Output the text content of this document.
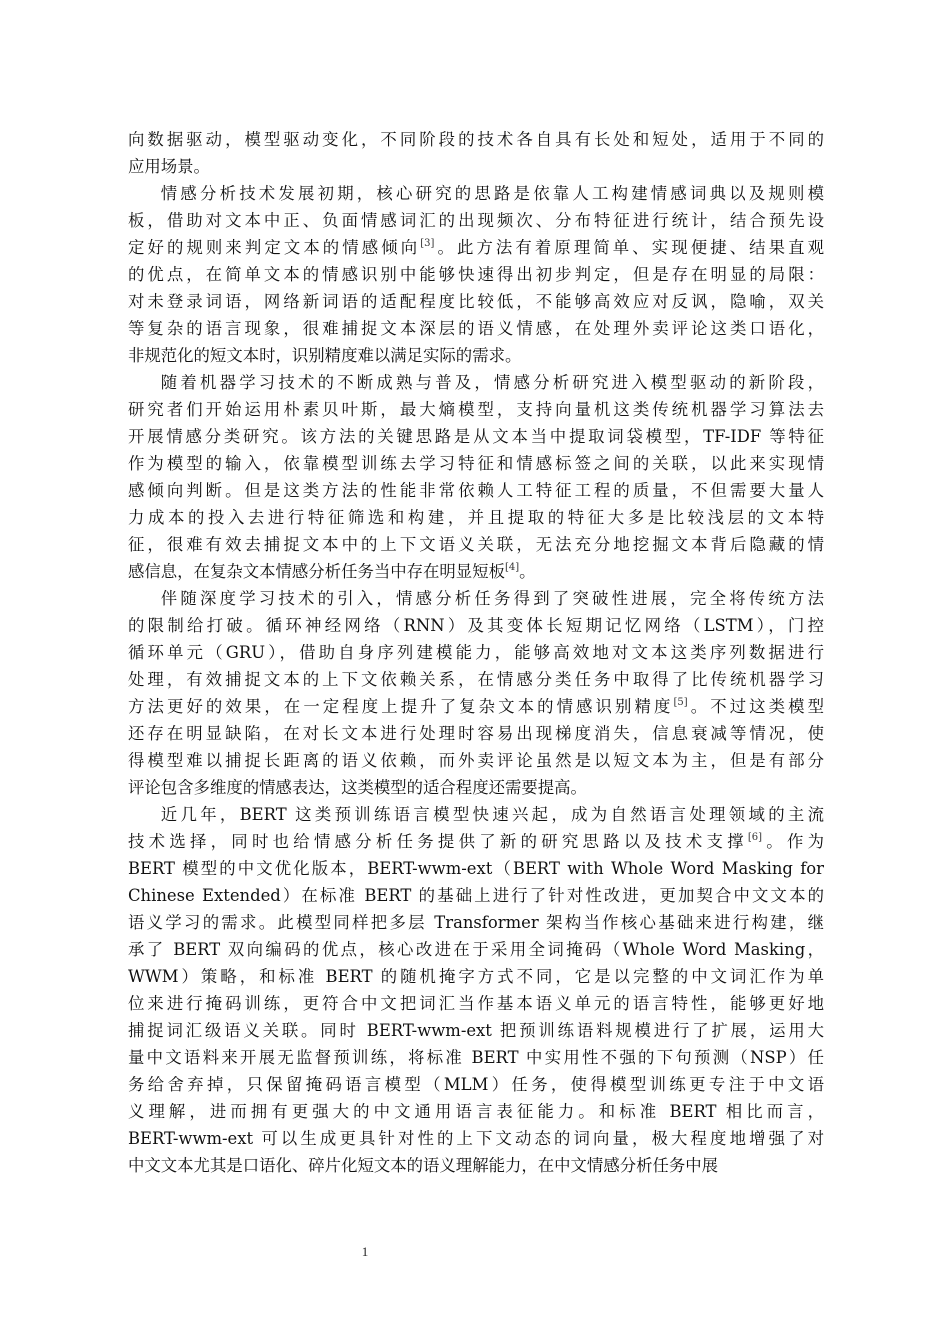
向数据驱动，模型驱动变化，不同阶段的技术各自具有长处和短处，适用于不同的
应用场景。

情感分析技术发展初期，核心研究的思路是依靠人工构建情感词典以及规则模
板，借助对文本中正、负面情感词汇的出现频次、分布特征进行统计，结合预先设
定好的规则来判定文本的情感倾向[3]。此方法有着原理简单、实现便捷、结果直观
的优点，在简单文本的情感识别中能够快速得出初步判定，但是存在明显的局限：
对未登录词语，网络新词语的适配程度比较低，不能够高效应对反讽，隐喻，双关
等复杂的语言现象，很难捕捉文本深层的语义情感，在处理外卖评论这类口语化，
非规范化的短文本时，识别精度难以满足实际的需求。

随着机器学习技术的不断成熟与普及，情感分析研究进入模型驱动的新阶段，
研究者们开始运用朴素贝叶斯，最大熵模型，支持向量机这类传统机器学习算法去
开展情感分类研究。该方法的关键思路是从文本当中提取词袋模型，TF-IDF 等特征
作为模型的输入，依靠模型训练去学习特征和情感标签之间的关联，以此来实现情
感倾向判断。但是这类方法的性能非常依赖人工特征工程的质量，不但需要大量人
力成本的投入去进行特征筛选和构建，并且提取的特征大多是比较浅层的文本特
征，很难有效去捕捉文本中的上下文语义关联，无法充分地挖掘文本背后隐藏的情
感信息，在复杂文本情感分析任务当中存在明显短板[4]。

伴随深度学习技术的引入，情感分析任务得到了突破性进展，完全将传统方法
的限制给打破。循环神经网络（RNN）及其变体长短期记忆网络（LSTM），门控
循环单元（GRU），借助自身序列建模能力，能够高效地对文本这类序列数据进行
处理，有效捕捉文本的上下文依赖关系，在情感分类任务中取得了比传统机器学习
方法更好的效果，在一定程度上提升了复杂文本的情感识别精度[5]。不过这类模型
还存在明显缺陷，在对长文本进行处理时容易出现梯度消失，信息衰减等情况，使
得模型难以捕捉长距离的语义依赖，而外卖评论虽然是以短文本为主，但是有部分
评论包含多维度的情感表达，这类模型的适合程度还需要提高。

近几年，BERT 这类预训练语言模型快速兴起，成为自然语言处理领域的主流
技术选择，同时也给情感分析任务提供了新的研究思路以及技术支撑[6]。作为
BERT 模型的中文优化版本，BERT-wwm-ext（BERT with Whole Word Masking for
Chinese Extended）在标准 BERT 的基础上进行了针对性改进，更加契合中文文本的
语义学习的需求。此模型同样把多层 Transformer 架构当作核心基础来进行构建，继
承了 BERT 双向编码的优点，核心改进在于采用全词掩码（Whole Word Masking，
WWM）策略，和标准 BERT 的随机掩字方式不同，它是以完整的中文词汇作为单
位来进行掩码训练，更符合中文把词汇当作基本语义单元的语言特性，能够更好地
捕捉词汇级语义关联。同时 BERT-wwm-ext 把预训练语料规模进行了扩展，运用大
量中文语料来开展无监督预训练，将标准 BERT 中实用性不强的下句预测（NSP）任
务给舍弃掉，只保留掩码语言模型（MLM）任务，使得模型训练更专注于中文语
义理解，进而拥有更强大的中文通用语言表征能力。和标准 BERT 相比而言，
BERT-wwm-ext 可以生成更具针对性的上下文动态的词向量，极大程度地增强了对
中文文本尤其是口语化、碎片化短文本的语义理解能力，在中文情感分析任务中展

1
